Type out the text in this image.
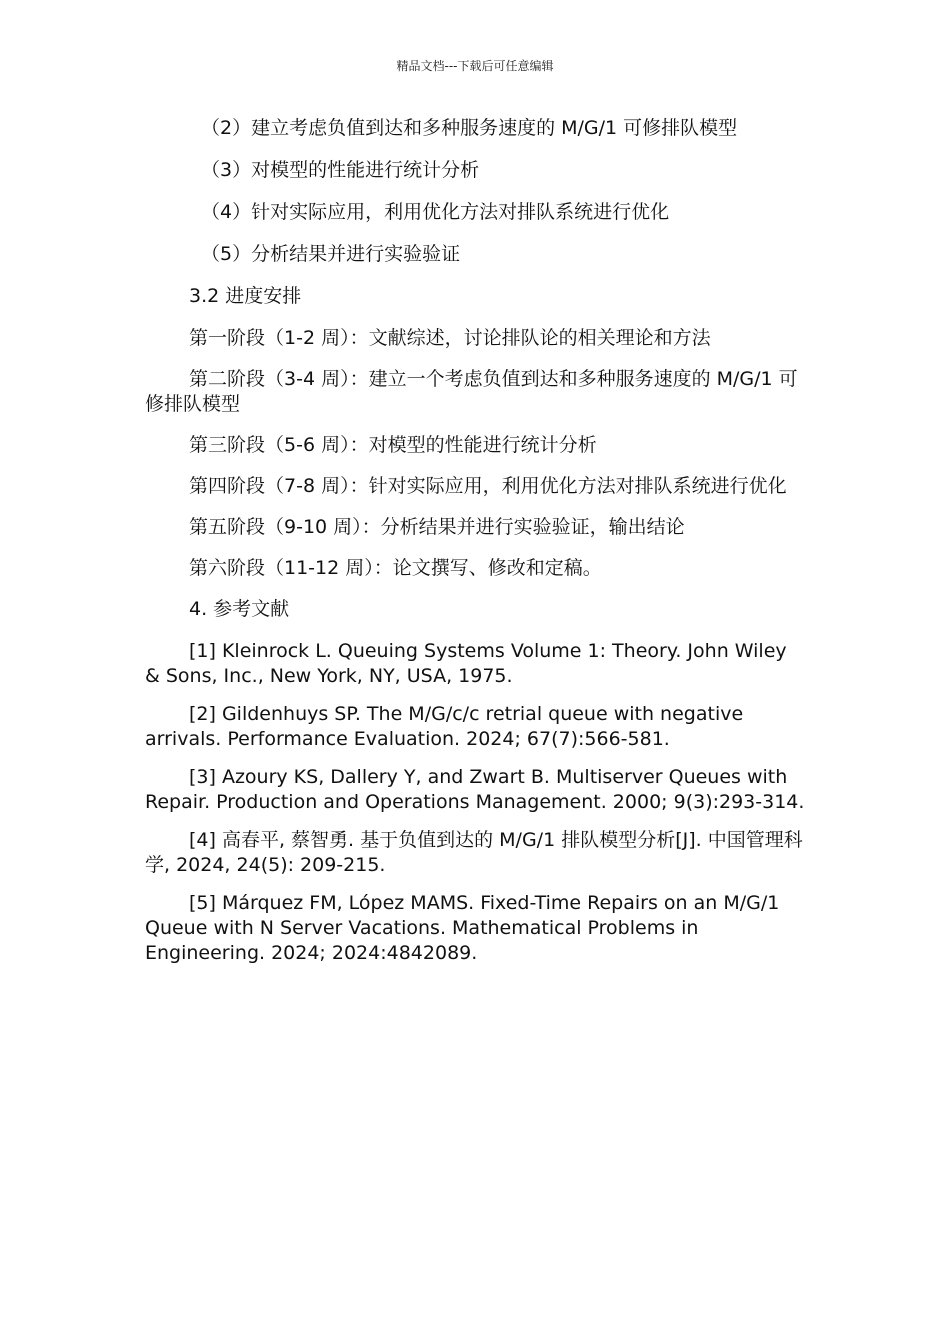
精品文档---下载后可任意编辑
（2）建立考虑负值到达和多种服务速度的 M/G/1 可修排队模型
（3）对模型的性能进行统计分析
（4）针对实际应用，利用优化方法对排队系统进行优化
（5）分析结果并进行实验验证
3.2 进度安排
第一阶段（1-2 周）：文献综述，讨论排队论的相关理论和方法
第二阶段（3-4 周）：建立一个考虑负值到达和多种服务速度的 M/G/1 可修排队模型
第三阶段（5-6 周）：对模型的性能进行统计分析
第四阶段（7-8 周）：针对实际应用，利用优化方法对排队系统进行优化
第五阶段（9-10 周）：分析结果并进行实验验证，输出结论
第六阶段（11-12 周）：论文撰写、修改和定稿。
4. 参考文献
[1] Kleinrock L. Queuing Systems Volume 1: Theory. John Wiley & Sons, Inc., New York, NY, USA, 1975.
[2] Gildenhuys SP. The M/G/c/c retrial queue with negative arrivals. Performance Evaluation. 2024; 67(7):566-581.
[3] Azoury KS, Dallery Y, and Zwart B. Multiserver Queues with Repair. Production and Operations Management. 2000; 9(3):293-314.
[4] 高春平, 蔡智勇. 基于负值到达的 M/G/1 排队模型分析[J]. 中国管理科学, 2024, 24(5): 209-215.
[5] Márquez FM, López MAMS. Fixed-Time Repairs on an M/G/1 Queue with N Server Vacations. Mathematical Problems in Engineering. 2024; 2024:4842089.
